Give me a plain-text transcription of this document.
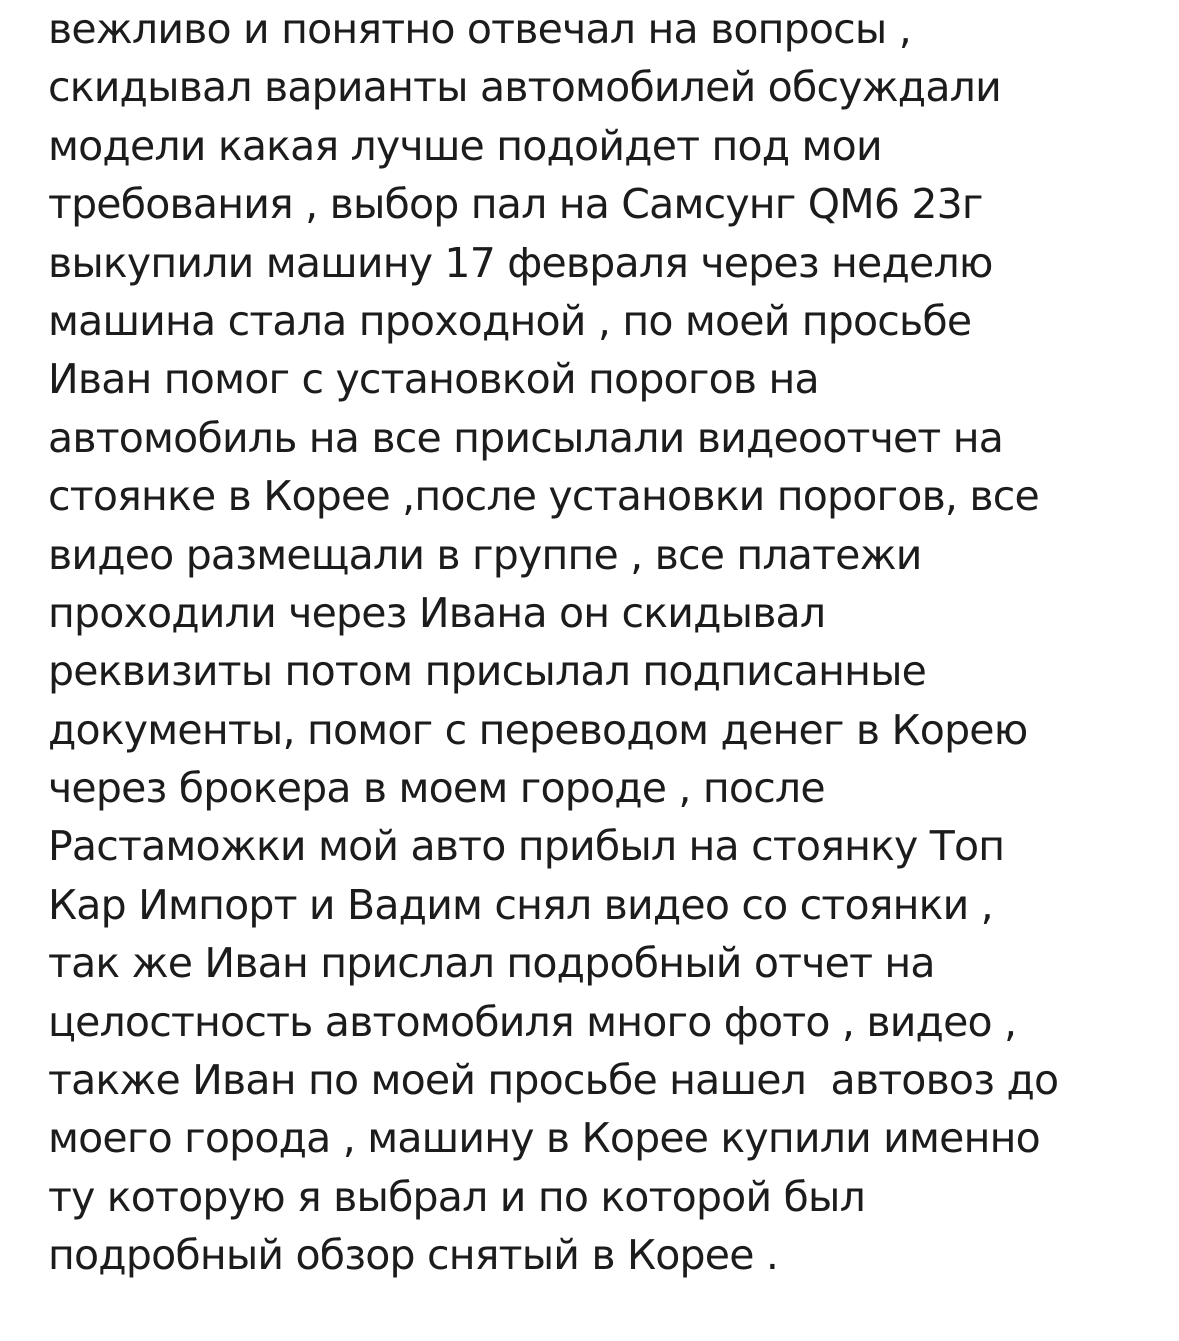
вежливо и понятно отвечал на вопросы ,
скидывал варианты автомобилей обсуждали
модели какая лучше подойдет под мои
требования , выбор пал на Самсунг QM6 23г
выкупили машину 17 февраля через неделю
машина стала проходной , по моей просьбе
Иван помог с установкой порогов на
автомобиль на все присылали видеоотчет на
стоянке в Корее ,после установки порогов, все
видео размещали в группе , все платежи
проходили через Ивана он скидывал
реквизиты потом присылал подписанные
документы, помог с переводом денег в Корею
через брокера в моем городе , после
Растаможки мой авто прибыл на стоянку Топ
Кар Импорт и Вадим снял видео со стоянки ,
так же Иван прислал подробный отчет на
целостность автомобиля много фото , видео ,
также Иван по моей просьбе нашел  автовоз до
моего города , машину в Корее купили именно
ту которую я выбрал и по которой был
подробный обзор снятый в Корее .
